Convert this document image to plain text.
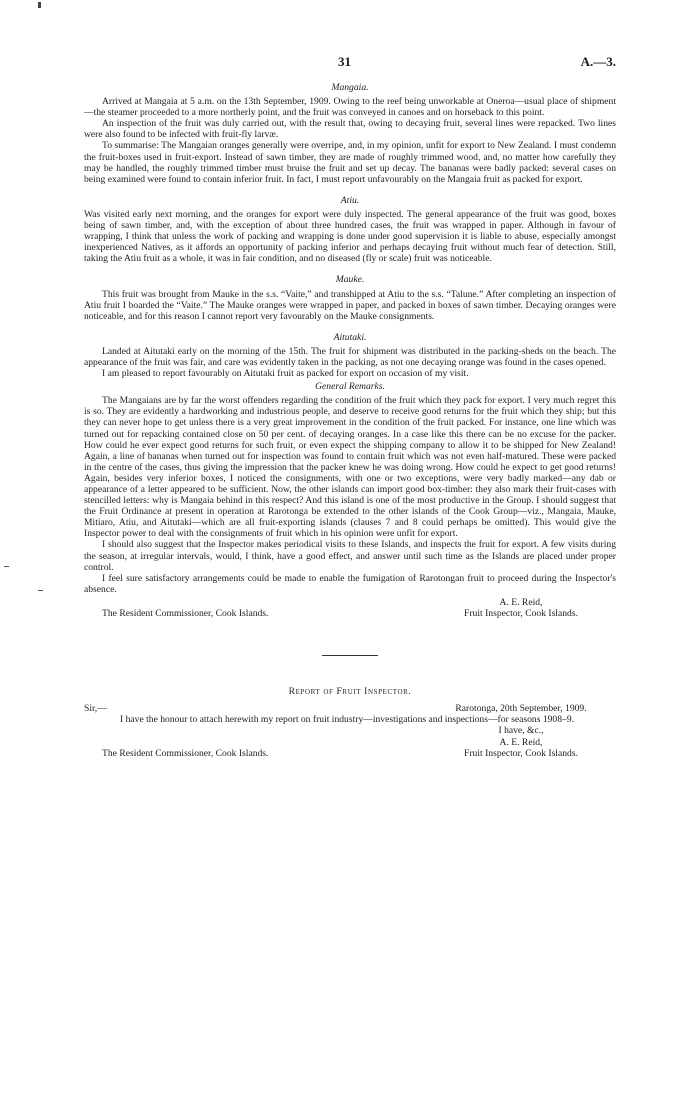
31	A.—3.
Mangaia.

Arrived at Mangaia at 5 a.m. on the 13th September, 1909. Owing to the reef being unworkable at Oneroa—usual place of shipment—the steamer proceeded to a more northerly point, and the fruit was conveyed in canoes and on horseback to this point.

An inspection of the fruit was duly carried out, with the result that, owing to decaying fruit, several lines were repacked. Two lines were also found to be infected with fruit-fly larvæ.

To summarise: The Mangaian oranges generally were overripe, and, in my opinion, unfit for export to New Zealand. I must condemn the fruit-boxes used in fruit-export. Instead of sawn timber, they are made of roughly trimmed wood, and, no matter how carefully they may be handled, the roughly trimmed timber must bruise the fruit and set up decay. The bananas were badly packed: several cases on being examined were found to contain inferior fruit. In fact, I must report unfavourably on the Mangaia fruit as packed for export.

Atiu.

Was visited early next morning, and the oranges for export were duly inspected. The general appearance of the fruit was good, boxes being of sawn timber, and, with the exception of about three hundred cases, the fruit was wrapped in paper. Although in favour of wrapping, I think that unless the work of packing and wrapping is done under good supervision it is liable to abuse, especially amongst inexperienced Natives, as it affords an opportunity of packing inferior and perhaps decaying fruit without much fear of detection. Still, taking the Atiu fruit as a whole, it was in fair condition, and no diseased (fly or scale) fruit was noticeable.

Mauke.

This fruit was brought from Mauke in the s.s. “Vaite,” and transhipped at Atiu to the s.s. “Talune.” After completing an inspection of Atiu fruit I boarded the “Vaite.” The Mauke oranges were wrapped in paper, and packed in boxes of sawn timber. Decaying oranges were noticeable, and for this reason I cannot report very favourably on the Mauke consignments.

Aitutaki.

Landed at Aitutaki early on the morning of the 15th. The fruit for shipment was distributed in the packing-sheds on the beach. The appearance of the fruit was fair, and care was evidently taken in the packing, as not one decaying orange was found in the cases opened.

I am pleased to report favourably on Aitutaki fruit as packed for export on occasion of my visit.

General Remarks.

The Mangaians are by far the worst offenders regarding the condition of the fruit which they pack for export. I very much regret this is so. They are evidently a hardworking and industrious people, and deserve to receive good returns for the fruit which they ship; but this they can never hope to get unless there is a very great improvement in the condition of the fruit packed. For instance, one line which was turned out for repacking contained close on 50 per cent. of decaying oranges. In a case like this there can be no excuse for the packer. How could he ever expect good returns for such fruit, or even expect the shipping company to allow it to be shipped for New Zealand! Again, a line of bananas when turned out for inspection was found to contain fruit which was not even half-matured. These were packed in the centre of the cases, thus giving the impression that the packer knew he was doing wrong. How could he expect to get good returns! Again, besides very inferior boxes, I noticed the consignments, with one or two exceptions, were very badly marked—any dab or appearance of a letter appeared to be sufficient. Now, the other islands can import good box-timber: they also mark their fruit-cases with stencilled letters: why is Mangaia behind in this respect? And this island is one of the most productive in the Group. I should suggest that the Fruit Ordinance at present in operation at Rarotonga be extended to the other islands of the Cook Group—viz., Mangaia, Mauke, Mitiaro, Atiu, and Aitutaki—which are all fruit-exporting islands (clauses 7 and 8 could perhaps be omitted). This would give the Inspector power to deal with the consignments of fruit which in his opinion were unfit for export.

I should also suggest that the Inspector makes periodical visits to these Islands, and inspects the fruit for export. A few visits during the season, at irregular intervals, would, I think, have a good effect, and answer until such time as the Islands are placed under proper control.

I feel sure satisfactory arrangements could be made to enable the fumigation of Rarotongan fruit to proceed during the Inspector's absence.

The Resident Commissioner, Cook Islands.
A. E. Reid,
Fruit Inspector, Cook Islands.
Report of Fruit Inspector.
Sir,—	Rarotonga, 20th September, 1909.

I have the honour to attach herewith my report on fruit industry—investigations and inspections—for seasons 1908–9.

I have, &c.,
The Resident Commissioner, Cook Islands.
A. E. Reid,
Fruit Inspector, Cook Islands.
